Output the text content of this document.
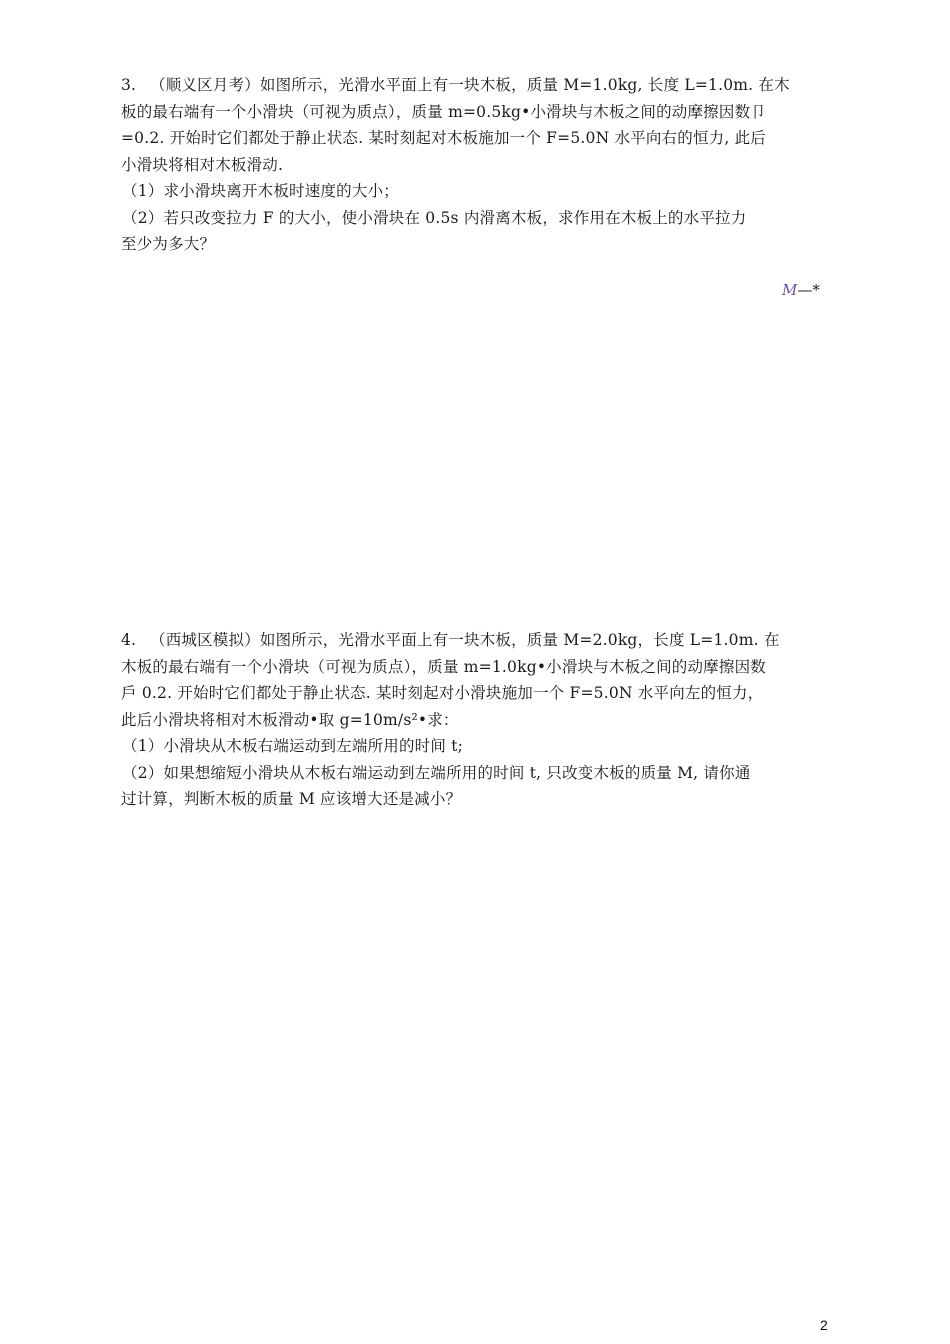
3. （顺义区月考）如图所示，光滑水平面上有一块木板，质量 M=1.0kg, 长度 L=1.0m. 在木
板的最右端有一个小滑块（可视为质点），质量 m=0.5kg•小滑块与木板之间的动摩擦因数卩
=0.2. 开始时它们都处于静止状态. 某时刻起对木板施加一个 F=5.0N 水平向右的恒力, 此后
小滑块将相对木板滑动.
（1）求小滑块离开木板时速度的大小；
（2）若只改变拉力 F 的大小，使小滑块在 0.5s 内滑离木板，求作用在木板上的水平拉力
至少为多大？
M—*
4. （西城区模拟）如图所示，光滑水平面上有一块木板，质量 M=2.0kg，长度 L=1.0m. 在
木板的最右端有一个小滑块（可视为质点），质量 m=1.0kg•小滑块与木板之间的动摩擦因数
戶 0.2. 开始时它们都处于静止状态. 某时刻起对小滑块施加一个 F=5.0N 水平向左的恒力，
此后小滑块将相对木板滑动•取 g=10m/s²•求：
（1）小滑块从木板右端运动到左端所用的时间 t;
（2）如果想缩短小滑块从木板右端运动到左端所用的时间 t, 只改变木板的质量 M, 请你通
过计算，判断木板的质量 M 应该增大还是减小？
2
